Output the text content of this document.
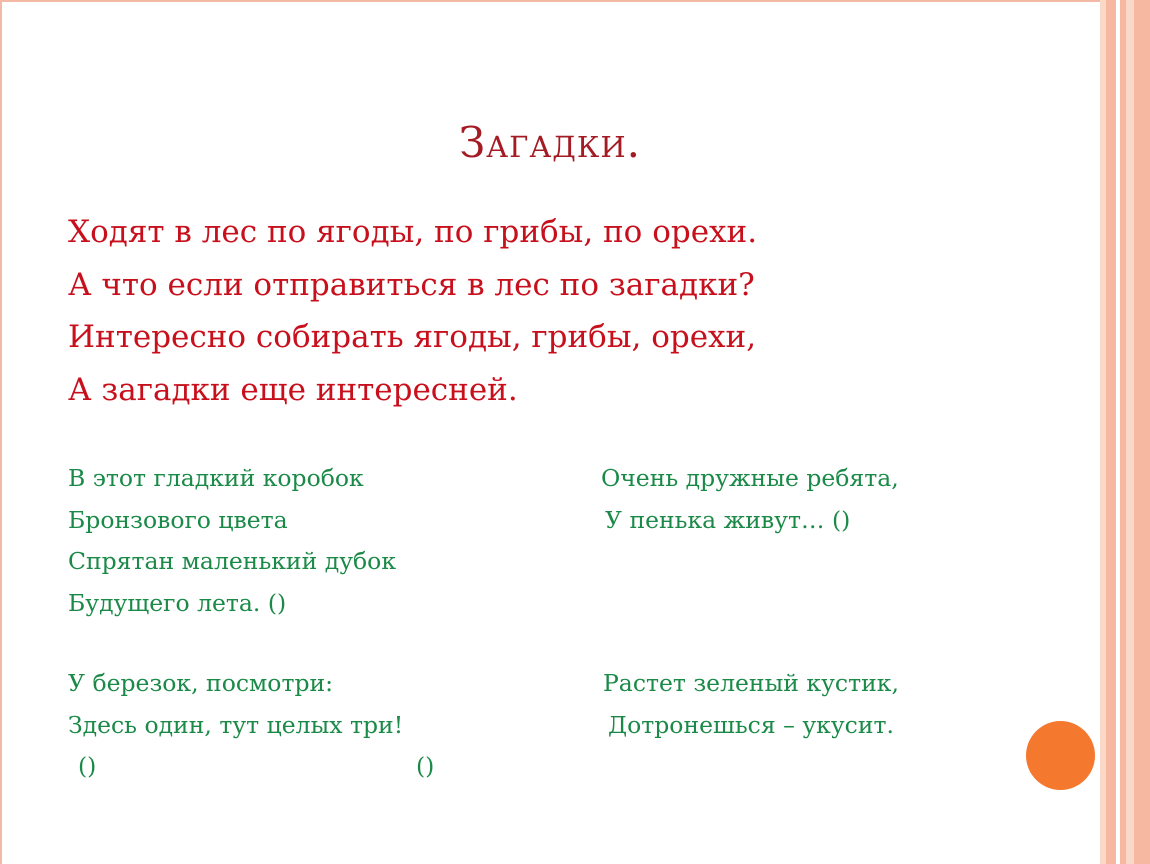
Загадки.
Ходят в лес по ягоды, по грибы, по орехи.
А что если отправиться в лес по загадки?
Интересно собирать ягоды, грибы, орехи,
А загадки еще интересней.
В этот гладкий коробок
Бронзового цвета
Спрятан маленький дубок
Будущего лета. ()
Очень дружные ребята,
У пенька живут… ()
У березок, посмотри:
Здесь один, тут целых три!
()
Растет зеленый кустик,
Дотронешься – укусит.
()
